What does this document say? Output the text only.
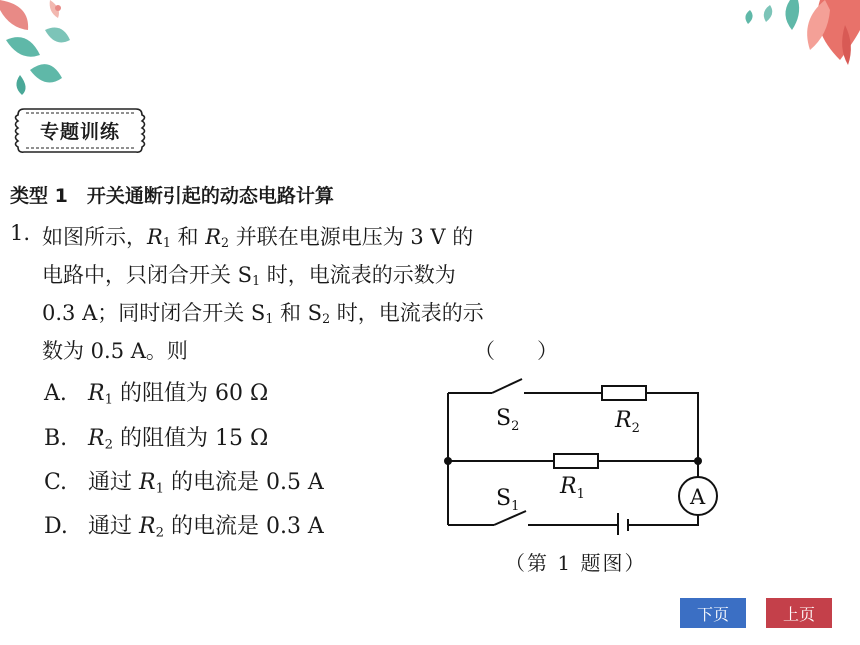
专题训练
类型 1　开关通断引起的动态电路计算
1. 如图所示，$R_1$ 和 $R_2$ 并联在电源电压为 3 V 的
电路中，只闭合开关 $S_1$ 时，电流表的示数为
0.3 A；同时闭合开关 $S_1$ 和 $S_2$ 时，电流表的示
数为 0.5 A。则	（　　）
A. $R_1$ 的阻值为 60 Ω
B. $R_2$ 的阻值为 15 Ω
C. 通过 $R_1$ 的电流是 0.5 A
D. 通过 $R_2$ 的电流是 0.3 A
$S_2$	$R_2$
$R_1$
$S_1$	A
（第 1 题图）
下页	上页
